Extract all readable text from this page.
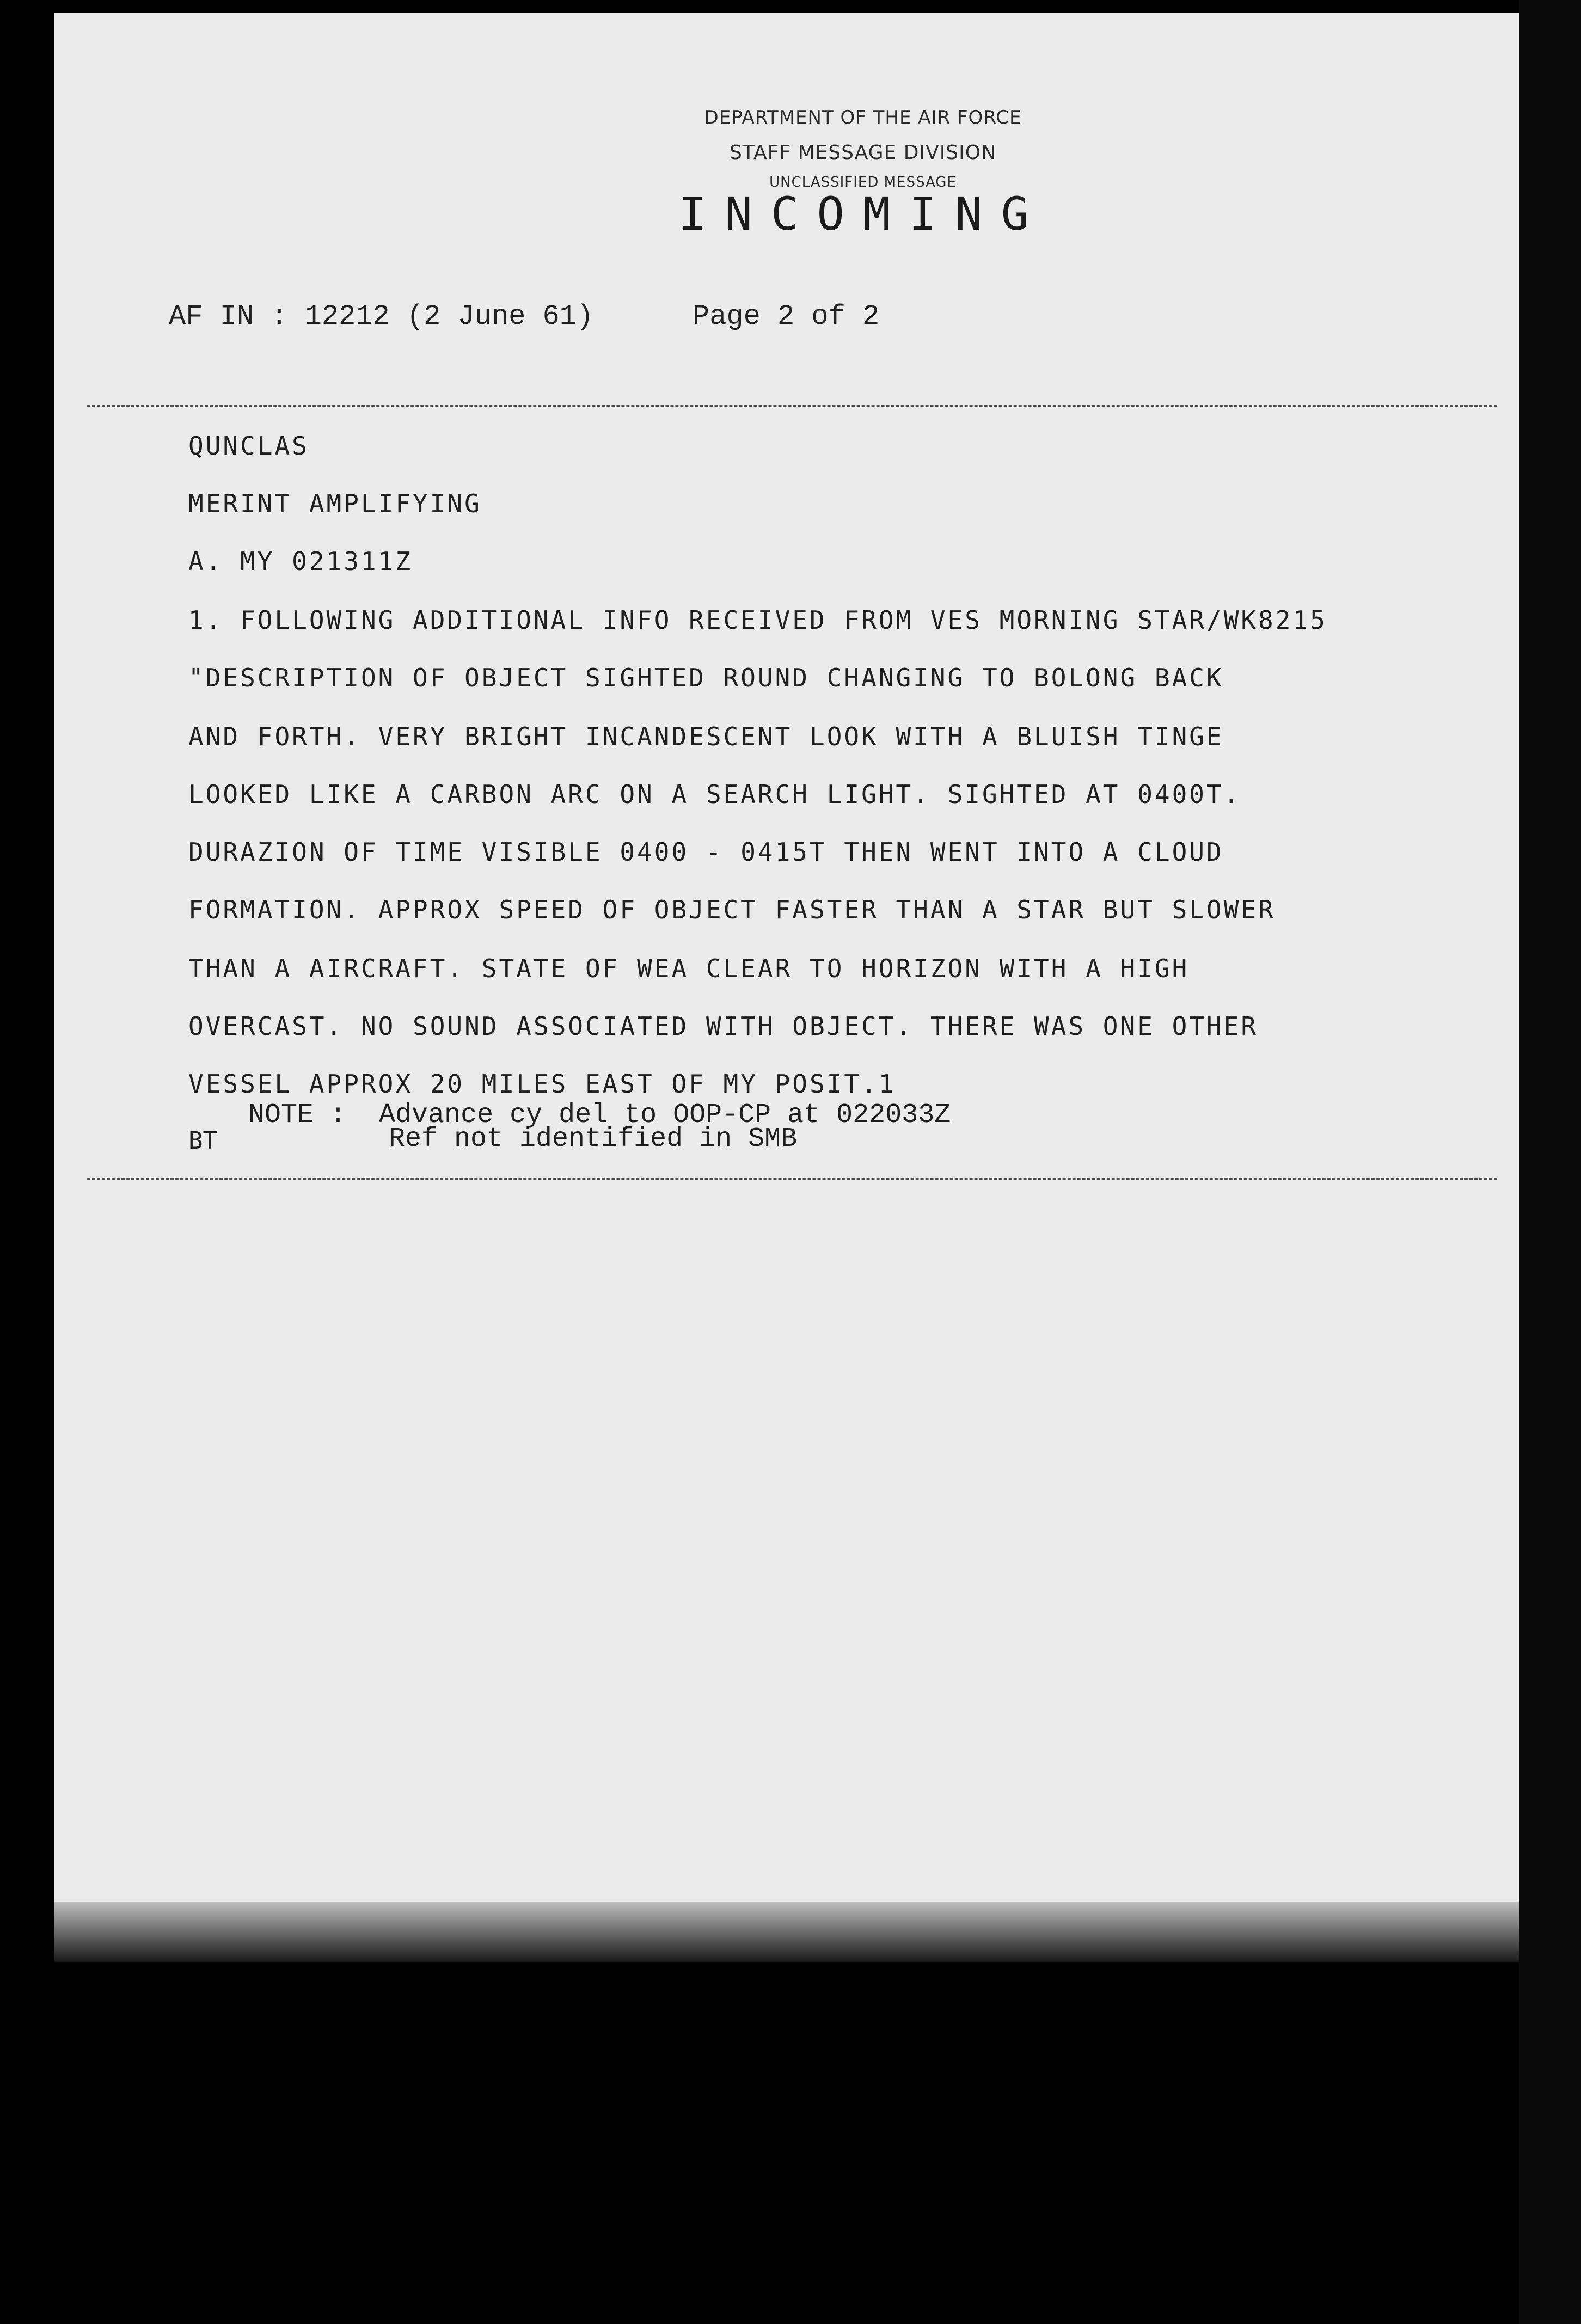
DEPARTMENT OF THE AIR FORCE
STAFF MESSAGE DIVISION
UNCLASSIFIED MESSAGE
INCOMING
AF IN : 12212 (2 June 61)	Page 2 of 2
QUNCLAS
MERINT AMPLIFYING
A. MY 021311Z
1. FOLLOWING ADDITIONAL INFO RECEIVED FROM VES MORNING STAR/WK8215
"DESCRIPTION OF OBJECT SIGHTED ROUND CHANGING TO BOLONG BACK
AND FORTH. VERY BRIGHT INCANDESCENT LOOK WITH A BLUISH TINGE
LOOKED LIKE A CARBON ARC ON A SEARCH LIGHT. SIGHTED AT 0400T.
DURAZION OF TIME VISIBLE 0400 - 0415T THEN WENT INTO A CLOUD
FORMATION. APPROX SPEED OF OBJECT FASTER THAN A STAR BUT SLOWER
THAN A AIRCRAFT. STATE OF WEA CLEAR TO HORIZON WITH A HIGH
OVERCAST. NO SOUND ASSOCIATED WITH OBJECT. THERE WAS ONE OTHER
VESSEL APPROX 20 MILES EAST OF MY POSIT.1
NOTE :  Advance cy del to OOP-CP at 022033Z
BT	Ref not identified in SMB
